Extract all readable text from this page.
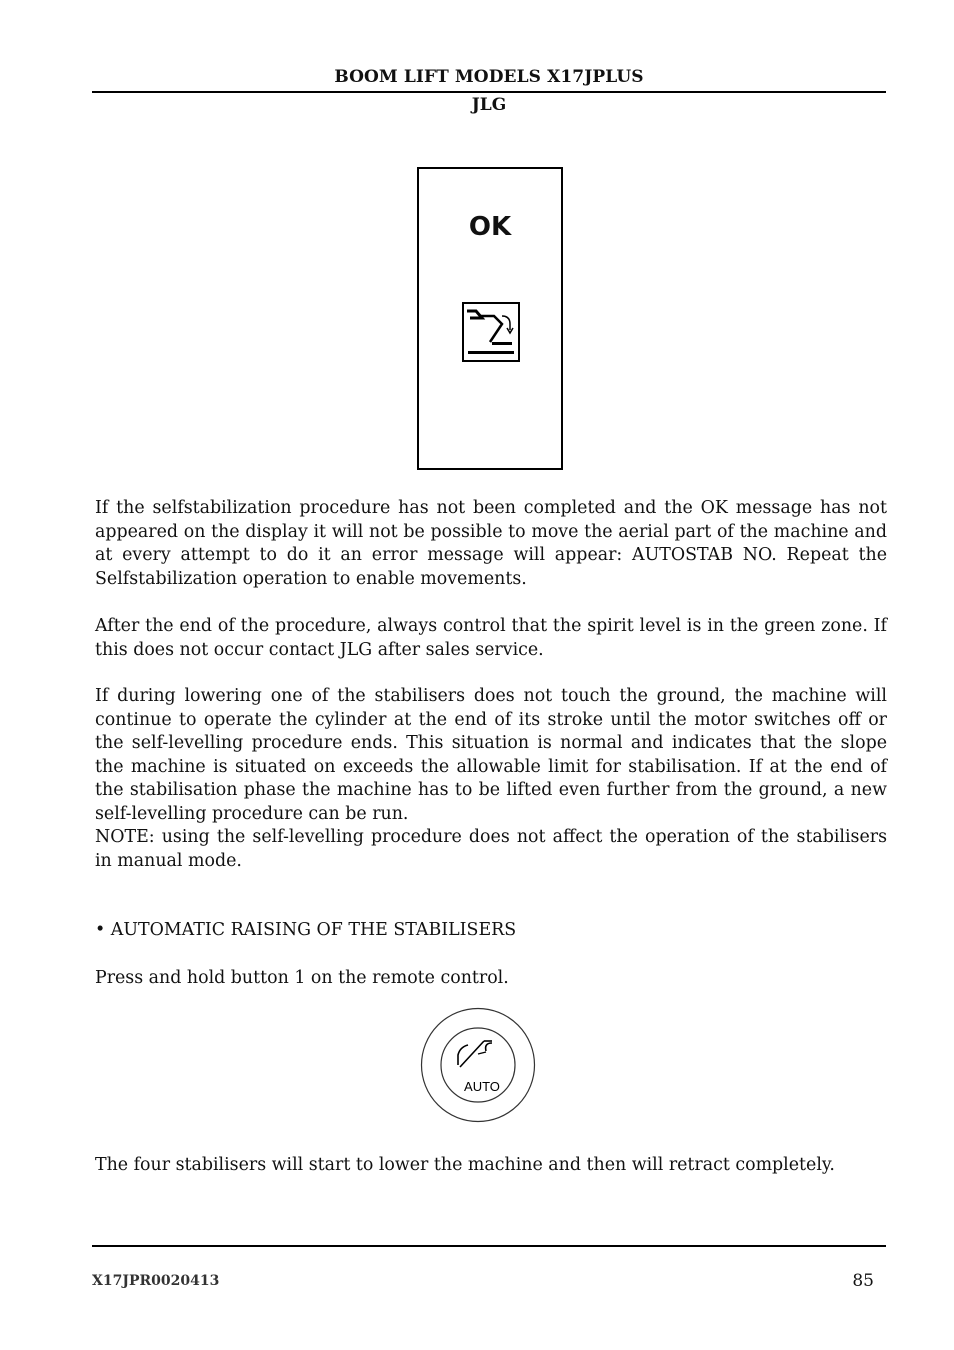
BOOM LIFT MODELS X17JPLUS
JLG
OK

If the selfstabilization procedure has not been completed and the OK message has not appeared on the display it will not be possible to move the aerial part of the machine and at every attempt to do it an error message will appear: AUTOSTAB NO. Repeat the Selfstabilization operation to enable movements.

After the end of the procedure, always control that the spirit level is in the green zone. If this does not occur contact JLG after sales service.

If during lowering one of the stabilisers does not touch the ground, the machine will continue to operate the cylinder at the end of its stroke until the motor switches off or the self-levelling procedure ends. This situation is normal and indicates that the slope the machine is situated on exceeds the allowable limit for stabilisation. If at the end of the stabilisation phase the machine has to be lifted even further from the ground, a new self-levelling procedure can be run.

NOTE: using the self-levelling procedure does not affect the operation of the stabilisers in manual mode.

• AUTOMATIC RAISING OF THE STABILISERS
Press and hold button 1 on the remote control.
AUTO
The four stabilisers will start to lower the machine and then will retract completely.
X17JPR0020413	85
